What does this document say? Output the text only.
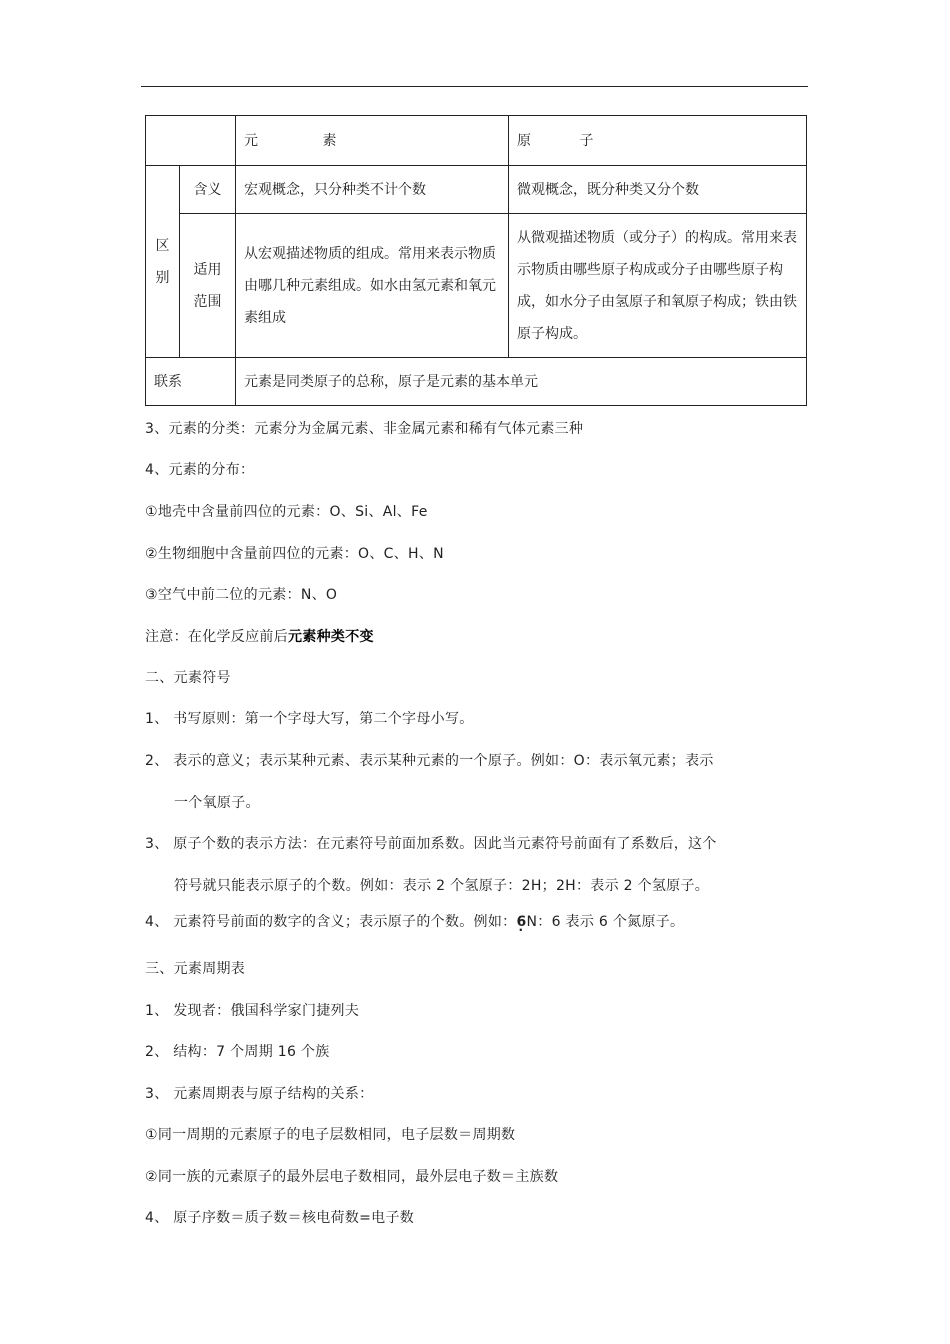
		元 素	原 子
区别	含义	宏观概念，只分种类不计个数	微观概念，既分种类又分个数
	适用范围	从宏观描述物质的组成。常用来表示物质由哪几种元素组成。如水由氢元素和氧元素组成	从微观描述物质（或分子）的构成。常用来表示物质由哪些原子构成或分子由哪些原子构成，如水分子由氢原子和氧原子构成；铁由铁原子构成。
联系		元素是同类原子的总称，原子是元素的基本单元	
3、元素的分类：元素分为金属元素、非金属元素和稀有气体元素三种
4、元素的分布：
①地壳中含量前四位的元素：O、Si、Al、Fe
②生物细胞中含量前四位的元素：O、C、H、N
③空气中前二位的元素：N、O
注意：在化学反应前后元素种类不变
二、元素符号
1、 书写原则：第一个字母大写，第二个字母小写。
2、 表示的意义；表示某种元素、表示某种元素的一个原子。例如：O：表示氧元素；表示
一个氧原子。
3、 原子个数的表示方法：在元素符号前面加系数。因此当元素符号前面有了系数后，这个
符号就只能表示原子的个数。例如：表示 2 个氢原子：2H；2H：表示 2 个氢原子。
4、 元素符号前面的数字的含义；表示原子的个数。例如：6 ·N：6 表示 6 个氮原子。
三、元素周期表
1、 发现者：俄国科学家门捷列夫
2、 结构：7 个周期 16 个族
3、 元素周期表与原子结构的关系：
①同一周期的元素原子的电子层数相同，电子层数＝周期数
②同一族的元素原子的最外层电子数相同，最外层电子数＝主族数
4、 原子序数＝质子数＝核电荷数=电子数
